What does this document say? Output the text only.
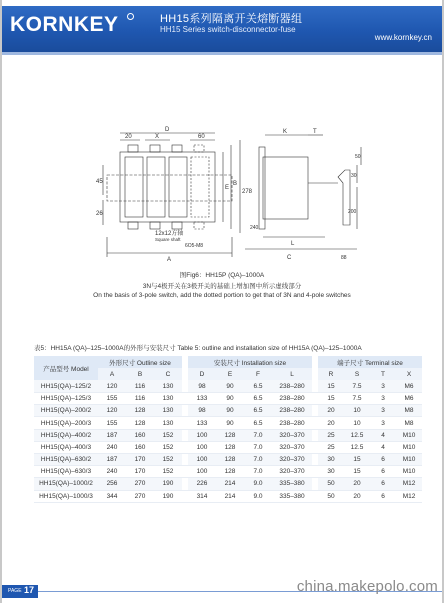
KORNKEY	HH15系列隔离开关熔断器组
HH15 Series switch-disconnector-fuse
www.kornkey.cn
D
20	X	60
45
26
E
B
278
12x12方轴
Square shaft
6O5-M8
A
K	T
30
50
200
240
L
C	88
图Fig6：HH15P (QA)–1000A
3N与4极开关在3极开关的基础上增加图中所示虚线部分
On the basis of 3-pole switch, add the dotted portion to get that of 3N and 4-pole switches
表5：HH15A (QA)–125–1000A的外形与安装尺寸 Table 5: outline and installation size of HH15A (QA)–125–1000A
产品型号 Model	外形尺寸 Outline size				安装尺寸 Installation size					端子尺寸 Terminal size			
	A	B	C		D	E	F	L		R	S	T	X
HH15(QA)–125/2	120	116	130		98	90	6.5	238–280		15	7.5	3	M6
HH15(QA)–125/3	155	116	130		133	90	6.5	238–280		15	7.5	3	M6
HH15(QA)–200/2	120	128	130		98	90	6.5	238–280		20	10	3	M8
HH15(QA)–200/3	155	128	130		133	90	6.5	238–280		20	10	3	M8
HH15(QA)–400/2	187	160	152		100	128	7.0	320–370		25	12.5	4	M10
HH15(QA)–400/3	240	160	152		100	128	7.0	320–370		25	12.5	4	M10
HH15(QA)–630/2	187	170	152		100	128	7.0	320–370		30	15	6	M10
HH15(QA)–630/3	240	170	152		100	128	7.0	320–370		30	15	6	M10
HH15(QA)–1000/2	256	270	190		226	214	9.0	335–380		50	20	6	M12
HH15(QA)–1000/3	344	270	190		314	214	9.0	335–380		50	20	6	M12
PAGE 17	china.makepolo.com
